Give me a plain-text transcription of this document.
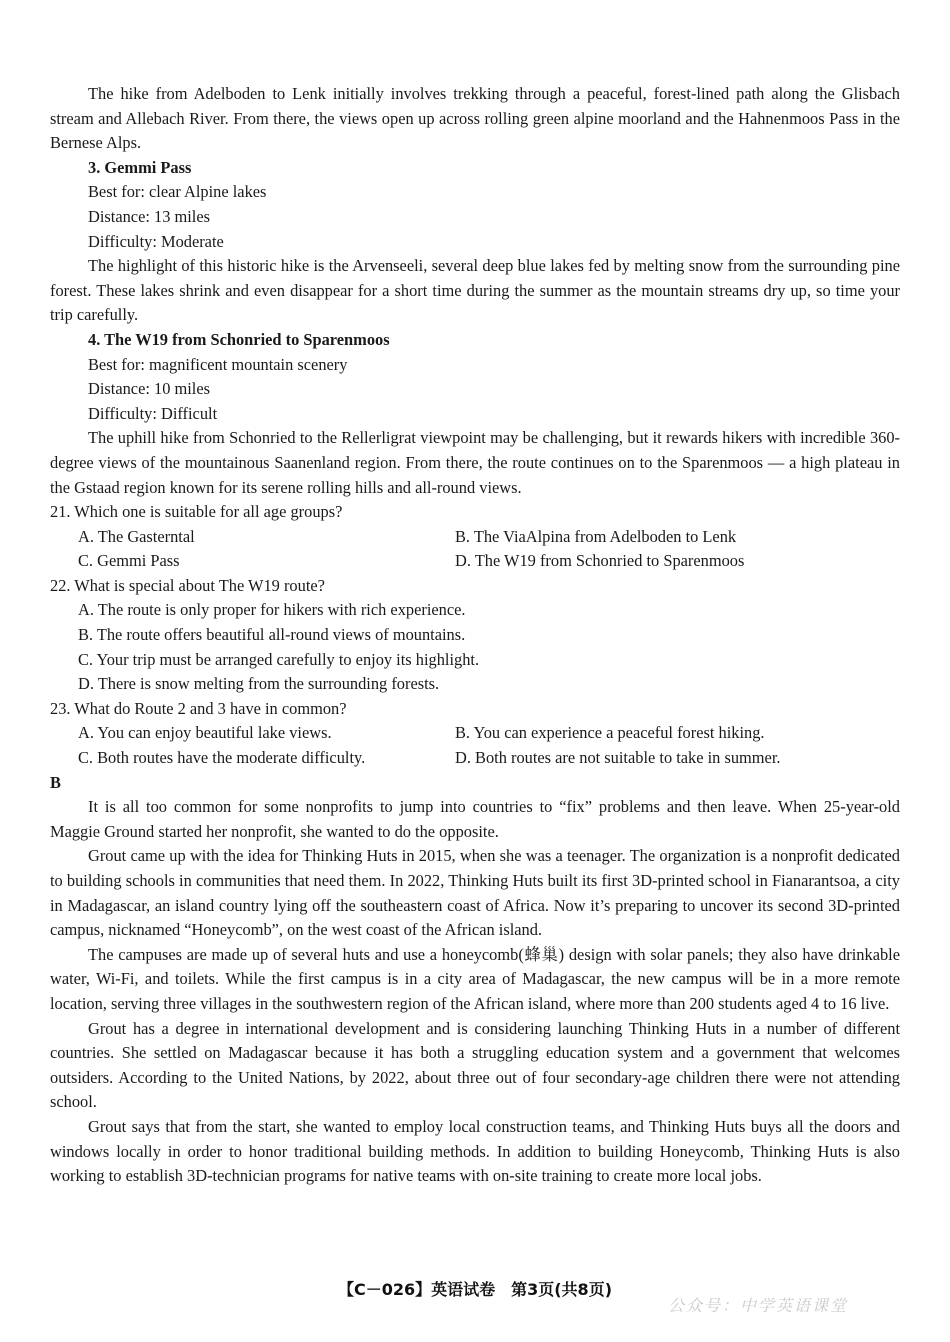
The hike from Adelboden to Lenk initially involves trekking through a peaceful, forest-lined path along the Glisbach stream and Allebach River. From there, the views open up across rolling green alpine moorland and the Hahnenmoos Pass in the Bernese Alps.

3. Gemmi Pass

Best for: clear Alpine lakes

Distance: 13 miles

Difficulty: Moderate

The highlight of this historic hike is the Arvenseeli, several deep blue lakes fed by melting snow from the surrounding pine forest. These lakes shrink and even disappear for a short time during the summer as the mountain streams dry up, so time your trip carefully.

4. The W19 from Schonried to Sparenmoos

Best for: magnificent mountain scenery

Distance: 10 miles

Difficulty: Difficult

The uphill hike from Schonried to the Rellerligrat viewpoint may be challenging, but it rewards hikers with incredible 360-degree views of the mountainous Saanenland region. From there, the route continues on to the Sparenmoos — a high plateau in the Gstaad region known for its serene rolling hills and all-round views.

21. Which one is suitable for all age groups?

A. The Gasterntal	B. The ViaAlpina from Adelboden to Lenk
C. Gemmi Pass	D. The W19 from Schonried to Sparenmoos

22. What is special about The W19 route?

A. The route is only proper for hikers with rich experience.
B. The route offers beautiful all-round views of mountains.
C. Your trip must be arranged carefully to enjoy its highlight.
D. There is snow melting from the surrounding forests.

23. What do Route 2 and 3 have in common?

A. You can enjoy beautiful lake views.	B. You can experience a peaceful forest hiking.
C. Both routes have the moderate difficulty.	D. Both routes are not suitable to take in summer.

B

It is all too common for some nonprofits to jump into countries to “fix” problems and then leave. When 25-year-old Maggie Ground started her nonprofit, she wanted to do the opposite.

Grout came up with the idea for Thinking Huts in 2015, when she was a teenager. The organization is a nonprofit dedicated to building schools in communities that need them. In 2022, Thinking Huts built its first 3D-printed school in Fianarantsoa, a city in Madagascar, an island country lying off the southeastern coast of Africa. Now it’s preparing to uncover its second 3D-printed campus, nicknamed “Honeycomb”, on the west coast of the African island.

The campuses are made up of several huts and use a honeycomb(蜂巢) design with solar panels; they also have drinkable water, Wi-Fi, and toilets. While the first campus is in a city area of Madagascar, the new campus will be in a more remote location, serving three villages in the southwestern region of the African island, where more than 200 students aged 4 to 16 live.

Grout has a degree in international development and is considering launching Thinking Huts in a number of different countries. She settled on Madagascar because it has both a struggling education system and a government that welcomes outsiders. According to the United Nations, by 2022, about three out of four secondary-age children there were not attending school.

Grout says that from the start, she wanted to employ local construction teams, and Thinking Huts buys all the doors and windows locally in order to honor traditional building methods. In addition to building Honeycomb, Thinking Huts is also working to establish 3D-technician programs for native teams with on-site training to create more local jobs.

【C－026】英语试卷　第3页(共8页)
公众号：中学英语课堂
